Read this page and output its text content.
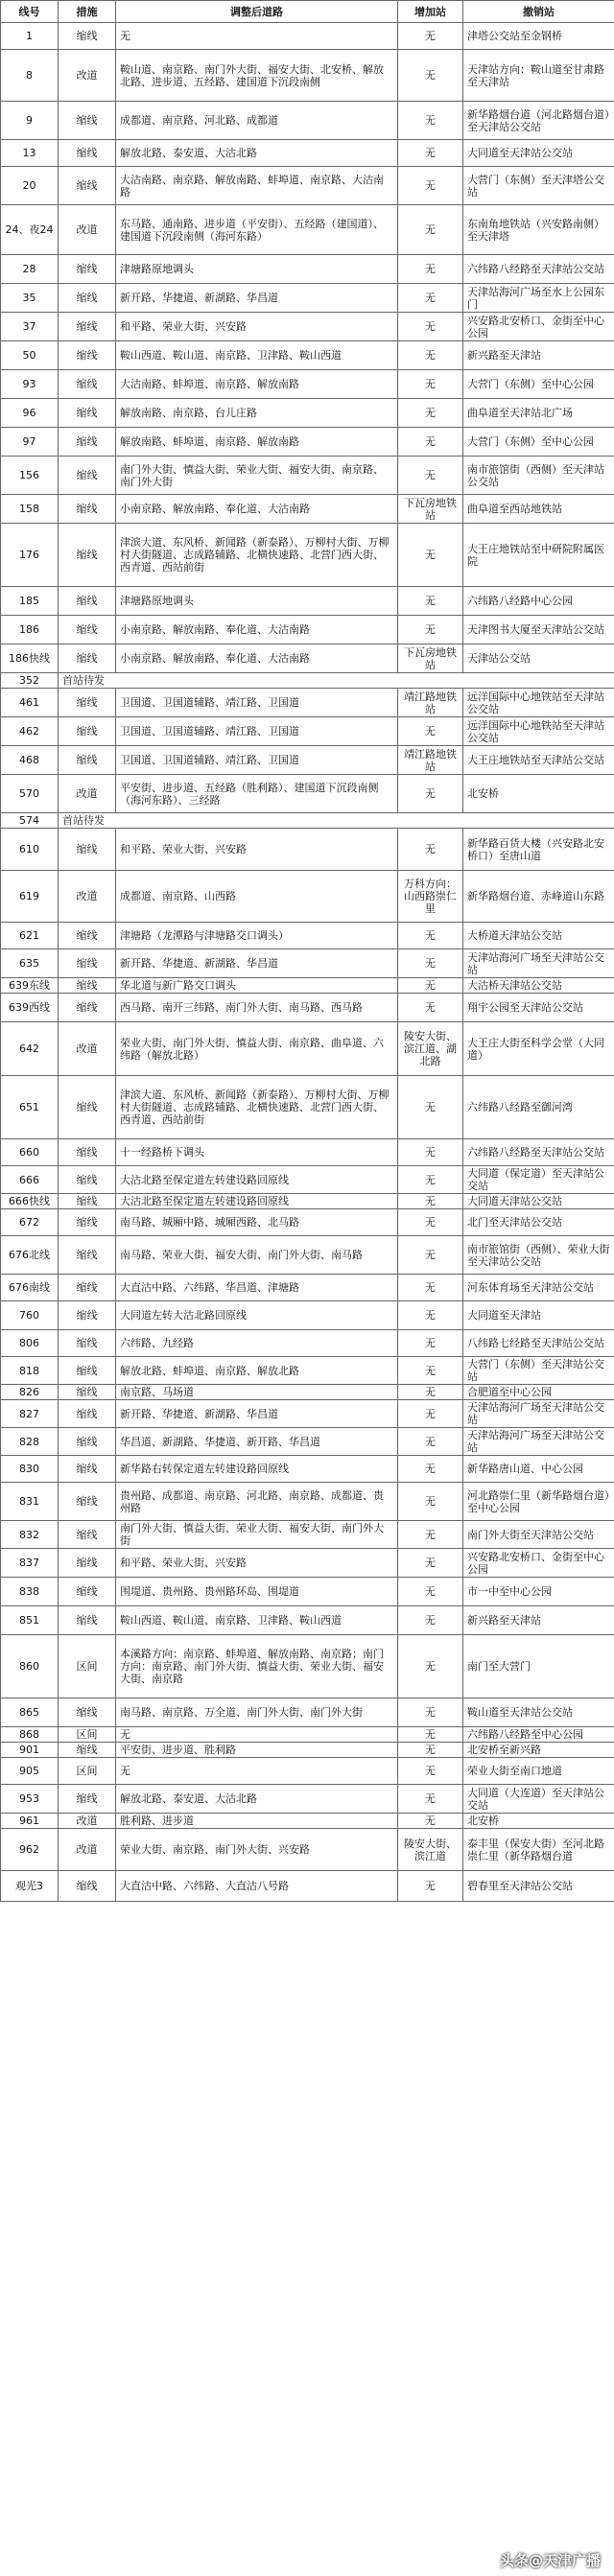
线号	措施	调整后道路	增加站	撤销站
1	缩线	无	无	津塔公交站至金钢桥
8	改道	鞍山道、南京路、南门外大街、福安大街、北安桥、解放北路、进步道、五经路、建国道下沉段南侧	无	天津站方向：鞍山道至甘肃路至天津站
9	缩线	成都道、南京路、河北路、成都道	无	新华路烟台道（河北路烟台道）至天津站公交站
13	缩线	解放北路、泰安道、大沽北路	无	大同道至天津站公交站
20	缩线	大沽南路、南京路、解放南路、蚌埠道、南京路、大沽南路	无	大营门（东侧）至天津塔公交站
24、夜24	改道	东马路、通南路、进步道（平安街）、五经路（建国道）、建国道下沉段南侧（海河东路）	无	东南角地铁站（兴安路南侧）至天津塔
28	缩线	津塘路原地调头	无	六纬路八经路至天津站公交站
35	缩线	新开路、华捷道、新湖路、华昌道	无	天津站海河广场至水上公园东门
37	缩线	和平路、荣业大街、兴安路	无	兴安路北安桥口、金街至中心公园
50	缩线	鞍山西道、鞍山道、南京路、卫津路、鞍山西道	无	新兴路至天津站
93	缩线	大沽南路、蚌埠道、南京路、解放南路	无	大营门（东侧）至中心公园
96	缩线	解放南路、南京路、台儿庄路	无	曲阜道至天津站北广场
97	缩线	解放南路、蚌埠道、南京路、解放南路	无	大营门（东侧）至中心公园
156	缩线	南门外大街、慎益大街、荣业大街、福安大街、南京路、南门外大街	无	南市旅馆街（西侧）至天津站公交站
158	缩线	小南京路、解放南路、奉化道、大沽南路	下瓦房地铁站	曲阜道至西站地铁站
176	缩线	津滨大道、东风桥、新闻路（新泰路）、万柳村大街、万柳村大街隧道、志成路辅路、北横快速路、北营门西大街、西青道、西站前街	无	大王庄地铁站至中研院附属医院
185	缩线	津塘路原地调头	无	六纬路八经路中心公园
186	缩线	小南京路、解放南路、奉化道、大沽南路	无	天津图书大厦至天津站公交站
186快线	缩线	小南京路、解放南路、奉化道、大沽南路	下瓦房地铁站	天津站公交站
352	首站待发			
461	缩线	卫国道、卫国道辅路、靖江路、卫国道	靖江路地铁站	远洋国际中心地铁站至天津站公交站
462	缩线	卫国道、卫国道辅路、靖江路、卫国道	无	远洋国际中心地铁站至天津站公交站
468	缩线	卫国道、卫国道辅路、靖江路、卫国道	靖江路地铁站	大王庄地铁站至天津站公交站
570	改道	平安街、进步道、五经路（胜利路）、建国道下沉段南侧（海河东路）、三经路	无	北安桥
574	首站待发			
610	缩线	和平路、荣业大街、兴安路	无	新华路百货大楼（兴安路北安桥口）至唐山道
619	改道	成都道、南京路、山西路	万科方向：山西路崇仁里	新华路烟台道、赤峰道山东路
621	缩线	津塘路（龙潭路与津塘路交口调头）	无	大桥道天津站公交站
635	缩线	新开路、华捷道、新湖路、华昌道	无	天津站海河广场至天津站公交站
639东线	缩线	华北道与新广路交口调头	无	大沽桥天津站公交站
639西线	缩线	西马路、南开三纬路、南门外大街、南马路、西马路	无	翔宇公园至天津站公交站
642	改道	荣业大街、南门外大街、慎益大街、南京路、曲阜道、六纬路（解放北路）	陵安大街、滨江道、湖北路	大王庄大街至科学会堂（大同道）
651	缩线	津滨大道、东风桥、新闻路（新泰路）、万柳村大街、万柳村大街隧道、志成路辅路、北横快速路、北营门西大街、西青道、西站前街	无	六纬路八经路至御河湾
660	缩线	十一经路桥下调头	无	六纬路八经路至天津站公交站
666	缩线	大沽北路至保定道左转建设路回原线	无	大同道（保定道）至天津站公交站
666快线	缩线	大沽北路至保定道左转建设路回原线	无	大同道天津站公交站
672	缩线	南马路、城厢中路、城厢西路、北马路	无	北门至天津站公交站
676北线	缩线	南马路、荣业大街、福安大街、南门外大街、南马路	无	南市旅馆街（西侧）、荣业大街至天津站公交站
676南线	缩线	大直沽中路、六纬路、华昌道、津塘路	无	河东体育场至天津站公交站
760	缩线	大同道左转大沽北路回原线	无	大同道至天津站
806	缩线	六纬路、九经路	无	八纬路七经路至天津站公交站
818	缩线	解放北路、蚌埠道、南京路、解放北路	无	大营门（东侧）至天津站公交站
826	缩线	南京路、马场道	无	合肥道至中心公园
827	缩线	新开路、华捷道、新湖路、华昌道	无	天津站海河广场至天津站公交站
828	缩线	华昌道、新湖路、华捷道、新开路、华昌道	无	天津站海河广场至天津站公交站
830	缩线	新华路右转保定道左转建设路回原线	无	新华路唐山道、中心公园
831	缩线	贵州路、成都道、南京路、河北路、南京路、成都道、贵州路	无	河北路崇仁里（新华路烟台道）至中心公园
832	缩线	南门外大街、慎益大街、荣业大街、福安大街、南门外大街	无	南门外大街至天津站公交站
837	缩线	和平路、荣业大街、兴安路	无	兴安路北安桥口、金街至中心公园
838	缩线	围堤道、贵州路、贵州路环岛、围堤道	无	市一中至中心公园
851	缩线	鞍山西道、鞍山道、南京路、卫津路、鞍山西道	无	新兴路至天津站
860	区间	本溪路方向：南京路、蚌埠道、解放南路、南京路；南门方向：南京路、南门外大街、慎益大街、荣业大街、福安大街、南京路	无	南门至大营门
865	缩线	南马路、南京路、万全道、南门外大街、南门外大街	无	鞍山道至天津站公交站
868	区间	无	无	六纬路八经路至中心公园
901	缩线	平安街、进步道、胜利路	无	北安桥至新兴路
905	区间	无	无	荣业大街至南口地道
953	缩线	解放北路、泰安道、大沽北路	无	大同道（大连道）至天津站公交站
961	改道	胜利路、进步道	无	北安桥
962	改道	荣业大街、南京路、南门外大街、兴安路	陵安大街、滨江道	泰丰里（保安大街）至河北路崇仁里（新华路烟台道
观光3	缩线	大直沽中路、六纬路、大直沽八号路	无	碧春里至天津站公交站
头条@天津广播
